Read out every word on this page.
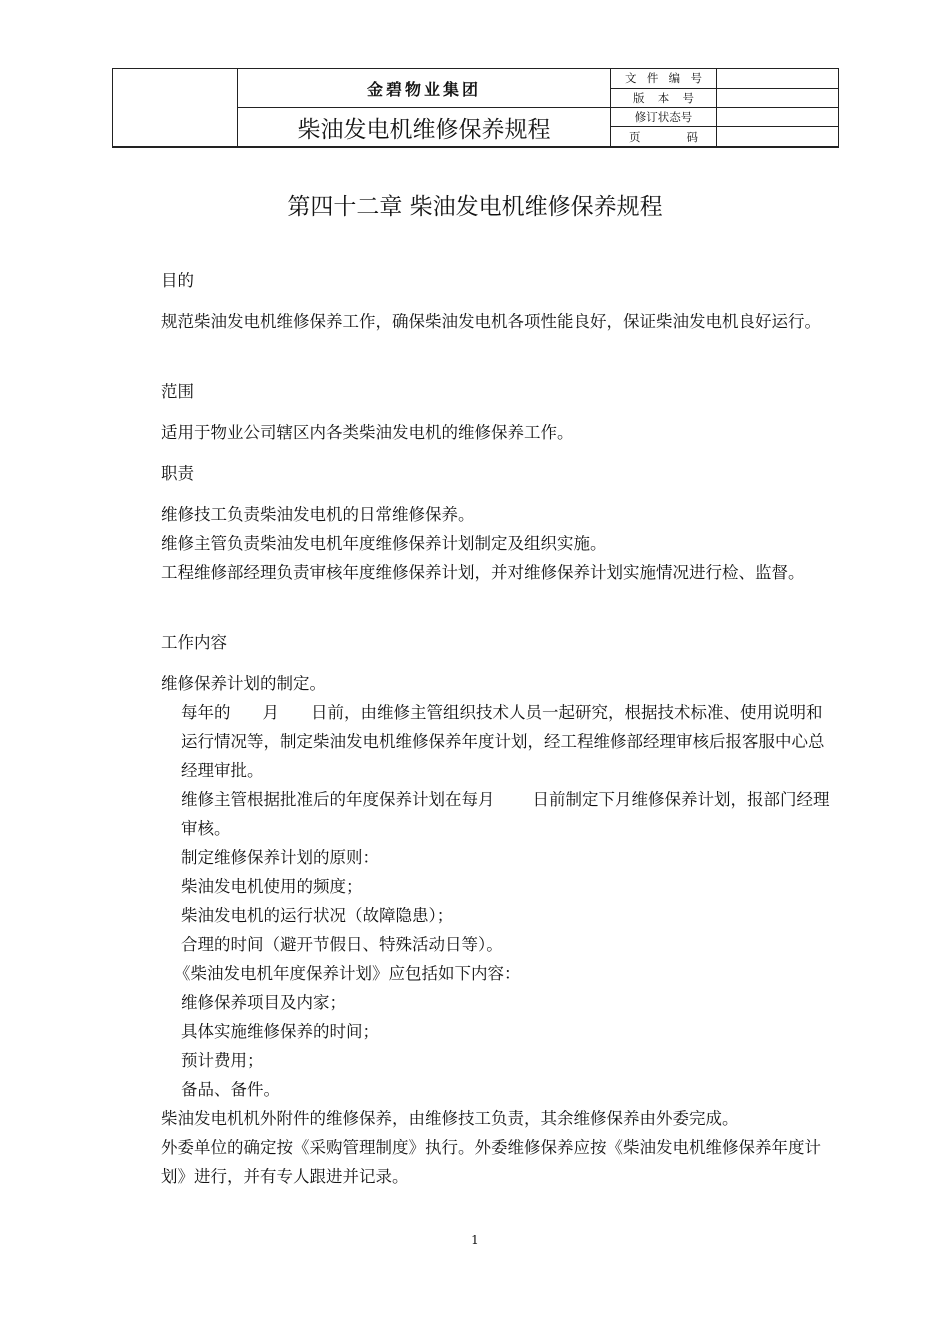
	金碧物业集团	文 件 编 号	

		版 本 号	

	柴油发电机维修保养规程	修订状态号	

		页 码	

第四十二章 柴油发电机维修保养规程
目的
规范柴油发电机维修保养工作，确保柴油发电机各项性能良好，保证柴油发电机良好运行。
范围
适用于物业公司辖区内各类柴油发电机的维修保养工作。
职责
维修技工负责柴油发电机的日常维修保养。
维修主管负责柴油发电机年度维修保养计划制定及组织实施。
工程维修部经理负责审核年度维修保养计划，并对维修保养计划实施情况进行检、监督。
工作内容
维修保养计划的制定。
每年的 月 日前，由维修主管组织技术人员一起研究，根据技术标准、使用说明和运行情况等，制定柴油发电机维修保养年度计划，经工程维修部经理审核后报客服中心总经理审批。
维修主管根据批准后的年度保养计划在每月 日前制定下月维修保养计划，报部门经理审核。
制定维修保养计划的原则：
柴油发电机使用的频度；
柴油发电机的运行状况（故障隐患）；
合理的时间（避开节假日、特殊活动日等）。
《柴油发电机年度保养计划》应包括如下内容：
维修保养项目及内家；
具体实施维修保养的时间；
预计费用；
备品、备件。
柴油发电机机外附件的维修保养，由维修技工负责，其余维修保养由外委完成。
外委单位的确定按《采购管理制度》执行。外委维修保养应按《柴油发电机维修保养年度计划》进行，并有专人跟进并记录。
1
